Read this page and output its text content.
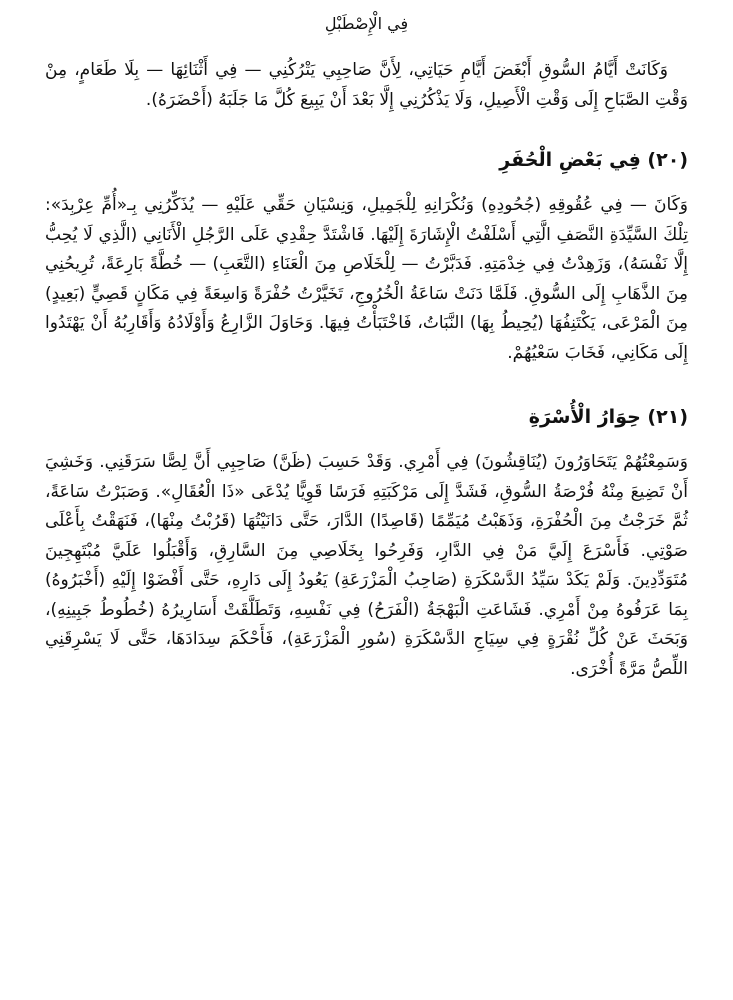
فِي الْإِصْطَبْلِ

وَكَانَتْ أَيَّامُ السُّوقِ أَبْغَضَ أَيَّامِ حَيَاتِي، لِأَنَّ صَاحِبِي يَتْرُكُنِي — فِي أَثْنَائِهَا — بِلَا طَعَامٍ، مِنْ وَقْتِ الصَّبَاحِ إِلَى وَقْتِ الْأَصِيلِ، وَلَا يَذْكُرُنِي إِلَّا بَعْدَ أَنْ يَبِيعَ كُلَّ مَا جَلَبَهُ (أَحْضَرَهُ).

(٢٠) فِي بَعْضِ الْحُفَرِ

وَكَانَ — فِي عُقُوقِهِ (جُحُودِهِ) وَنُكْرَانِهِ لِلْجَمِيلِ، وَنِسْيَانِ حَقِّي عَلَيْهِ — يُذَكِّرُنِي بِـ«أُمِّ عِرْبِدَ»: تِلْكَ السَّيِّدَةِ النَّصَفِ الَّتِي أَسْلَفْتُ الْإِشَارَةَ إِلَيْهَا. فَاشْتَدَّ حِقْدِي عَلَى الرَّجُلِ الْأَنَانِي (الَّذِي لَا يُحِبُّ إِلَّا نَفْسَهُ)، وَزَهِدْتُ فِي خِدْمَتِهِ. فَدَبَّرْتُ — لِلْخَلَاصِ مِنَ الْعَنَاءِ (التَّعَبِ) — خُطَّةً بَارِعَةً، تُرِيحُنِي مِنَ الذَّهَابِ إِلَى السُّوقِ. فَلَمَّا دَنَتْ سَاعَةُ الْخُرُوجِ، تَخَيَّرْتُ حُفْرَةً وَاسِعَةً فِي مَكَانٍ قَصِيٍّ (بَعِيدٍ) مِنَ الْمَرْعَى، يَكْتَنِفُهَا (يُحِيطُ بِهَا) النَّبَاتُ، فَاخْتَبَأْتُ فِيهَا. وَحَاوَلَ الزَّارِعُ وَأَوْلَادُهُ وَأَقَارِبُهُ أَنْ يَهْتَدُوا إِلَى مَكَانِي، فَخَابَ سَعْيُهُمْ.

(٢١) حِوَارُ الْأُسْرَةِ

وَسَمِعْتُهُمْ يَتَحَاوَرُونَ (يُنَاقِشُونَ) فِي أَمْرِي. وَقَدْ حَسِبَ (ظَنَّ) صَاحِبِي أَنَّ لِصًّا سَرَقَنِي. وَخَشِيَ أَنْ تَضِيعَ مِنْهُ فُرْصَةُ السُّوقِ، فَشَدَّ إِلَى مَرْكَبَتِهِ فَرَسًا قَوِيًّا يُدْعَى «ذَا الْعُقَالِ». وَصَبَرْتُ سَاعَةً، ثُمَّ خَرَجْتُ مِنَ الْحُفْرَةِ، وَذَهَبْتُ مُيَمِّمًا (قَاصِدًا) الدَّارَ، حَتَّى دَانَيْتُهَا (قَرُبْتُ مِنْهَا)، فَنَهَقْتُ بِأَعْلَى صَوْتِي. فَأَسْرَعَ إِلَيَّ مَنْ فِي الدَّارِ، وَفَرِحُوا بِخَلَاصِي مِنَ السَّارِقِ، وَأَقْبَلُوا عَلَيَّ مُبْتَهِجِينَ مُتَوَدِّدِينَ. وَلَمْ يَكَدْ سَيِّدُ الدَّسْكَرَةِ (صَاحِبُ الْمَزْرَعَةِ) يَعُودُ إِلَى دَارِهِ، حَتَّى أَفْضَوْا إِلَيْهِ (أَخْبَرُوهُ) بِمَا عَرَفُوهُ مِنْ أَمْرِي. فَشَاعَتِ الْبَهْجَةُ (الْفَرَحُ) فِي نَفْسِهِ، وَتَطَلَّقَتْ أَسَارِيرُهُ (خُطُوطُ جَبِينِهِ)، وَبَحَثَ عَنْ كُلِّ نُقْرَةٍ فِي سِيَاجِ الدَّسْكَرَةِ (سُورِ الْمَزْرَعَةِ)، فَأَحْكَمَ سِدَادَهَا، حَتَّى لَا يَسْرِقَنِي اللِّصُّ مَرَّةً أُخْرَى.
